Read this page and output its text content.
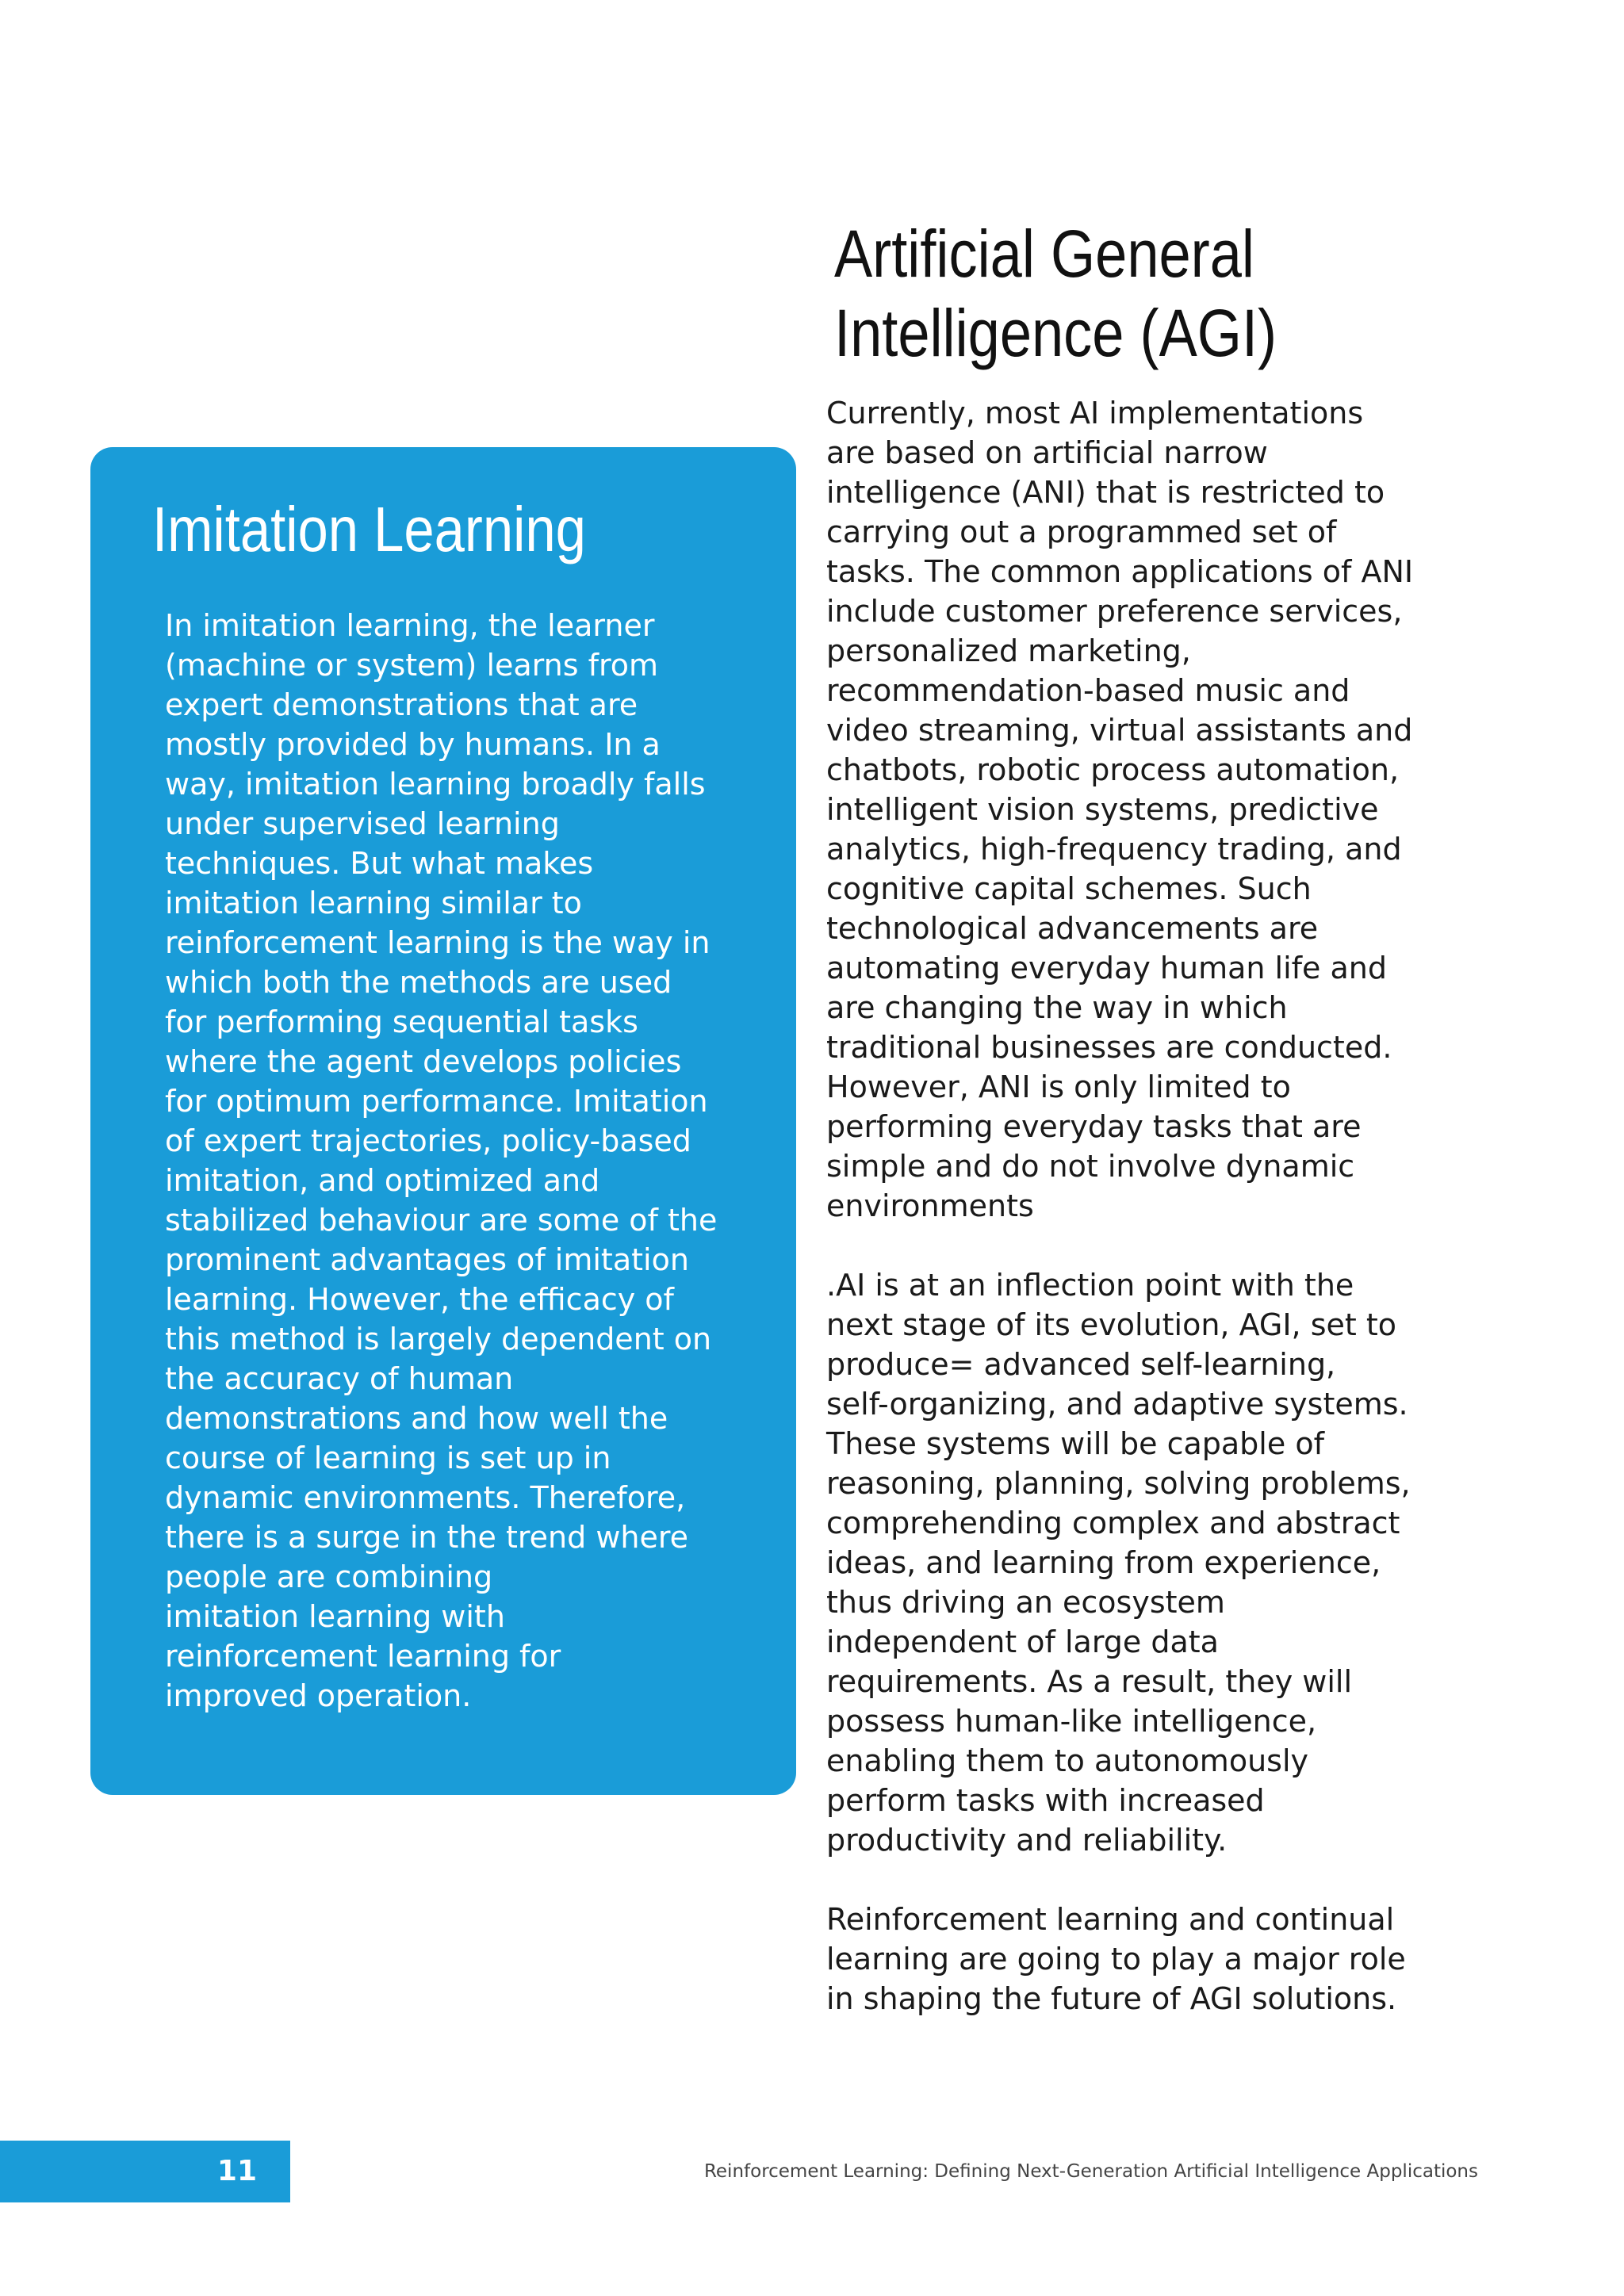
Imitation Learning

In imitation learning, the learner
(machine or system) learns from
expert demonstrations that are
mostly provided by humans. In a
way, imitation learning broadly falls
under supervised learning
techniques. But what makes
imitation learning similar to
reinforcement learning is the way in
which both the methods are used
for performing sequential tasks
where the agent develops policies
for optimum performance. Imitation
of expert trajectories, policy-based
imitation, and optimized and
stabilized behaviour are some of the
prominent advantages of imitation
learning. However, the efficacy of
this method is largely dependent on
the accuracy of human
demonstrations and how well the
course of learning is set up in
dynamic environments. Therefore,
there is a surge in the trend where
people are combining
imitation learning with
reinforcement learning for
improved operation.

Artificial General
Intelligence (AGI)

Currently, most AI implementations
are based on artificial narrow
intelligence (ANI) that is restricted to
carrying out a programmed set of
tasks. The common applications of ANI
include customer preference services,
personalized marketing,
recommendation-based music and
video streaming, virtual assistants and
chatbots, robotic process automation,
intelligent vision systems, predictive
analytics, high-frequency trading, and
cognitive capital schemes. Such
technological advancements are
automating everyday human life and
are changing the way in which
traditional businesses are conducted.
However, ANI is only limited to
performing everyday tasks that are
simple and do not involve dynamic
environments

.AI is at an inflection point with the
next stage of its evolution, AGI, set to
produce= advanced self-learning,
self-organizing, and adaptive systems.
These systems will be capable of
reasoning, planning, solving problems,
comprehending complex and abstract
ideas, and learning from experience,
thus driving an ecosystem
independent of large data
requirements. As a result, they will
possess human-like intelligence,
enabling them to autonomously
perform tasks with increased
productivity and reliability.

Reinforcement learning and continual
learning are going to play a major role
in shaping the future of AGI solutions.

11	Reinforcement Learning: Defining Next-Generation Artificial Intelligence Applications
